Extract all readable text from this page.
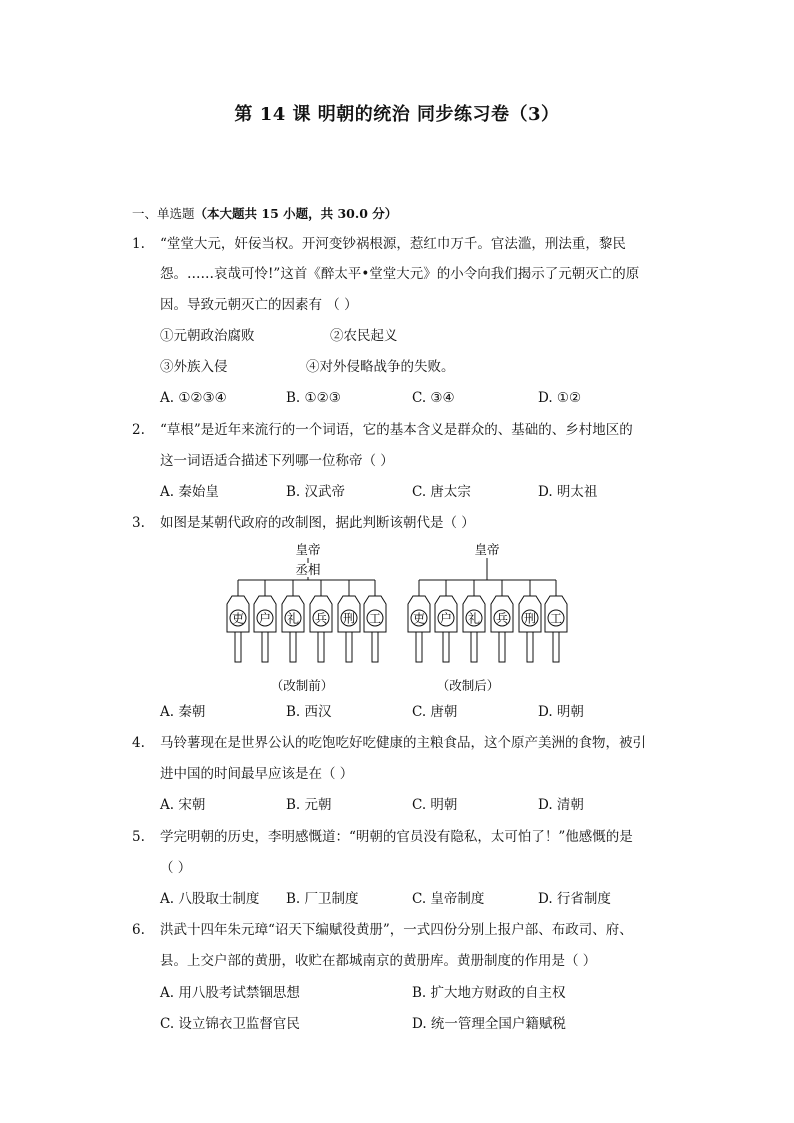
第 14 课 明朝的统治 同步练习卷（3）
一、单选题（本大题共 15 小题，共 30.0 分）
1. “堂堂大元，奸佞当权。开河变钞祸根源，惹红巾万千。官法滥，刑法重，黎民
怨。……哀哉可怜!”这首《醉太平•堂堂大元》的小令向我们揭示了元朝灭亡的原
因。导致元朝灭亡的因素有 （ ）
①元朝政治腐败	②农民起义
③外族入侵	④对外侵略战争的失败。
A. ①②③④	B. ①②③	C. ③④	D. ①②
2. “草根”是近年来流行的一个词语，它的基本含义是群众的、基础的、乡村地区的
这一词语适合描述下列哪一位称帝（ ）
A. 秦始皇	B. 汉武帝	C. 唐太宗	D. 明太祖
3. 如图是某朝代政府的改制图，据此判断该朝代是（ ）
皇帝
丞相
吏 户 礼 兵 刑 工
（改制前）
皇帝
吏 户 礼 兵 刑 工
（改制后）
A. 秦朝	B. 西汉	C. 唐朝	D. 明朝
4. 马铃薯现在是世界公认的吃饱吃好吃健康的主粮食品，这个原产美洲的食物，被引
进中国的时间最早应该是在（ ）
A. 宋朝	B. 元朝	C. 明朝	D. 清朝
5. 学完明朝的历史，李明感慨道：“明朝的官员没有隐私，太可怕了！”他感慨的是
（ ）
A. 八股取士制度 B. 厂卫制度	C. 皇帝制度	D. 行省制度
6. 洪武十四年朱元璋“诏天下编赋役黄册”，一式四份分别上报户部、布政司、府、
县。上交户部的黄册，收贮在都城南京的黄册库。黄册制度的作用是（ ）
A. 用八股考试禁锢思想	B. 扩大地方财政的自主权
C. 设立锦衣卫监督官民	D. 统一管理全国户籍赋税
